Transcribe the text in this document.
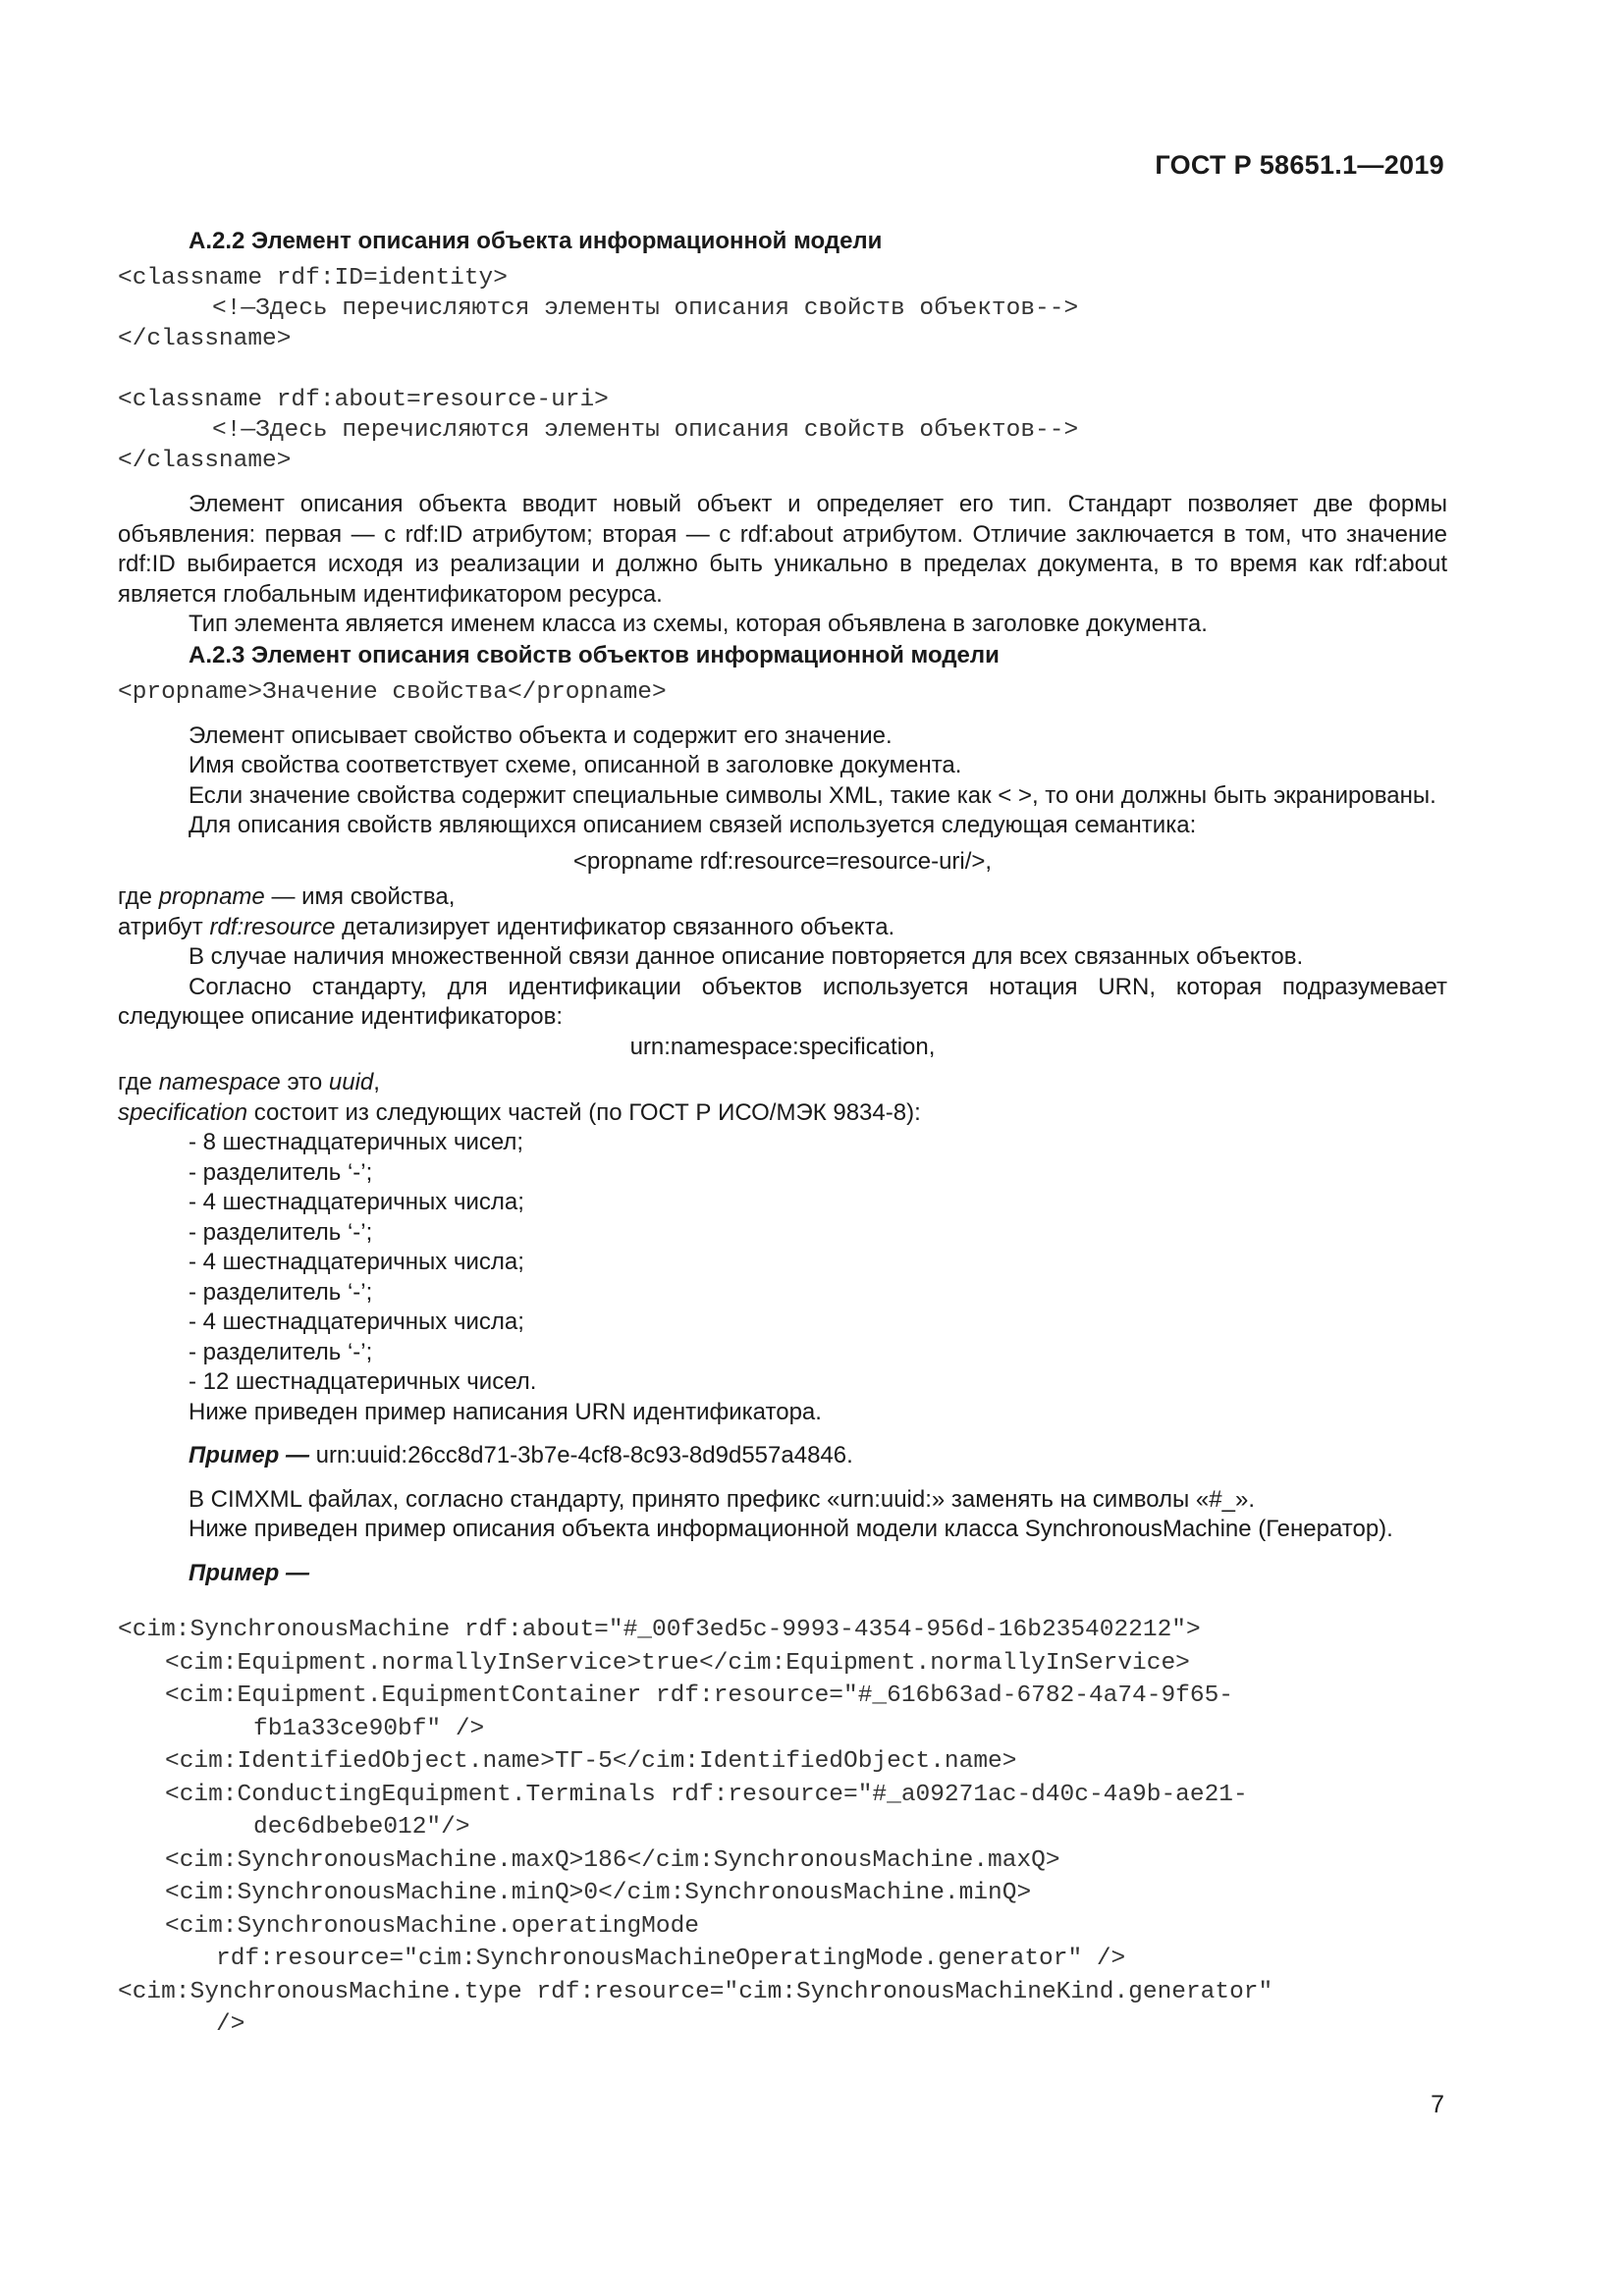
ГОСТ Р 58651.1—2019
А.2.2 Элемент описания объекта информационной модели
<classname rdf:ID=identity>

<!—Здесь перечисляются элементы описания свойств объектов-->
</classname>
<classname rdf:about=resource-uri>

<!—Здесь перечисляются элементы описания свойств объектов-->
</classname>

Элемент описания объекта вводит новый объект и определяет его тип. Стандарт позволяет две формы объявления: первая — с rdf:ID атрибутом; вторая — с rdf:about атрибутом. Отличие заключается в том, что значение rdf:ID выбирается исходя из реализации и должно быть уникально в пределах документа, в то время как rdf:about является глобальным идентификатором ресурса.

Тип элемента является именем класса из схемы, которая объявлена в заголовке документа.

А.2.3 Элемент описания свойств объектов информационной модели
<propname>Значение свойства</propname>

Элемент описывает свойство объекта и содержит его значение.

Имя свойства соответствует схеме, описанной в заголовке документа.

Если значение свойства содержит специальные символы XML, такие как < >, то они должны быть экранированы.

Для описания свойств являющихся описанием связей используется следующая семантика:

<propname rdf:resource=resource-uri/>,

где propname — имя свойства,

атрибут rdf:resource детализирует идентификатор связанного объекта.

В случае наличия множественной связи данное описание повторяется для всех связанных объектов.

Согласно стандарту, для идентификации объектов используется нотация URN, которая подразумевает следующее описание идентификаторов:

urn:namespace:specification,

где namespace это uuid,

specification состоит из следующих частей (по ГОСТ Р ИСО/МЭК 9834-8):

- 8 шестнадцатеричных чисел;

- разделитель ‘-’;

- 4 шестнадцатеричных числа;

- разделитель ‘-’;

- 4 шестнадцатеричных числа;

- разделитель ‘-’;

- 4 шестнадцатеричных числа;

- разделитель ‘-’;

- 12 шестнадцатеричных чисел.

Ниже приведен пример написания URN идентификатора.

Пример — urn:uuid:26cc8d71-3b7e-4cf8-8c93-8d9d557a4846.

В CIMXML файлах, согласно стандарту, принято префикс «urn:uuid:» заменять на символы «#_».

Ниже приведен пример описания объекта информационной модели класса SynchronousMachine (Генератор).

Пример —

<cim:SynchronousMachine rdf:about="#_00f3ed5c-9993-4354-956d-16b235402212">
<cim:Equipment.normallyInService>true</cim:Equipment.normallyInService>
<cim:Equipment.EquipmentContainer rdf:resource="#_616b63ad-6782-4a74-9f65-
fb1a33ce90bf" />
<cim:IdentifiedObject.name>ТГ-5</cim:IdentifiedObject.name>
<cim:ConductingEquipment.Terminals rdf:resource="#_a09271ac-d40c-4a9b-ae21-
dec6dbebe012"/>
<cim:SynchronousMachine.maxQ>186</cim:SynchronousMachine.maxQ>
<cim:SynchronousMachine.minQ>0</cim:SynchronousMachine.minQ>
<cim:SynchronousMachine.operatingMode
rdf:resource="cim:SynchronousMachineOperatingMode.generator" />
<cim:SynchronousMachine.type rdf:resource="cim:SynchronousMachineKind.generator"
/>
7
